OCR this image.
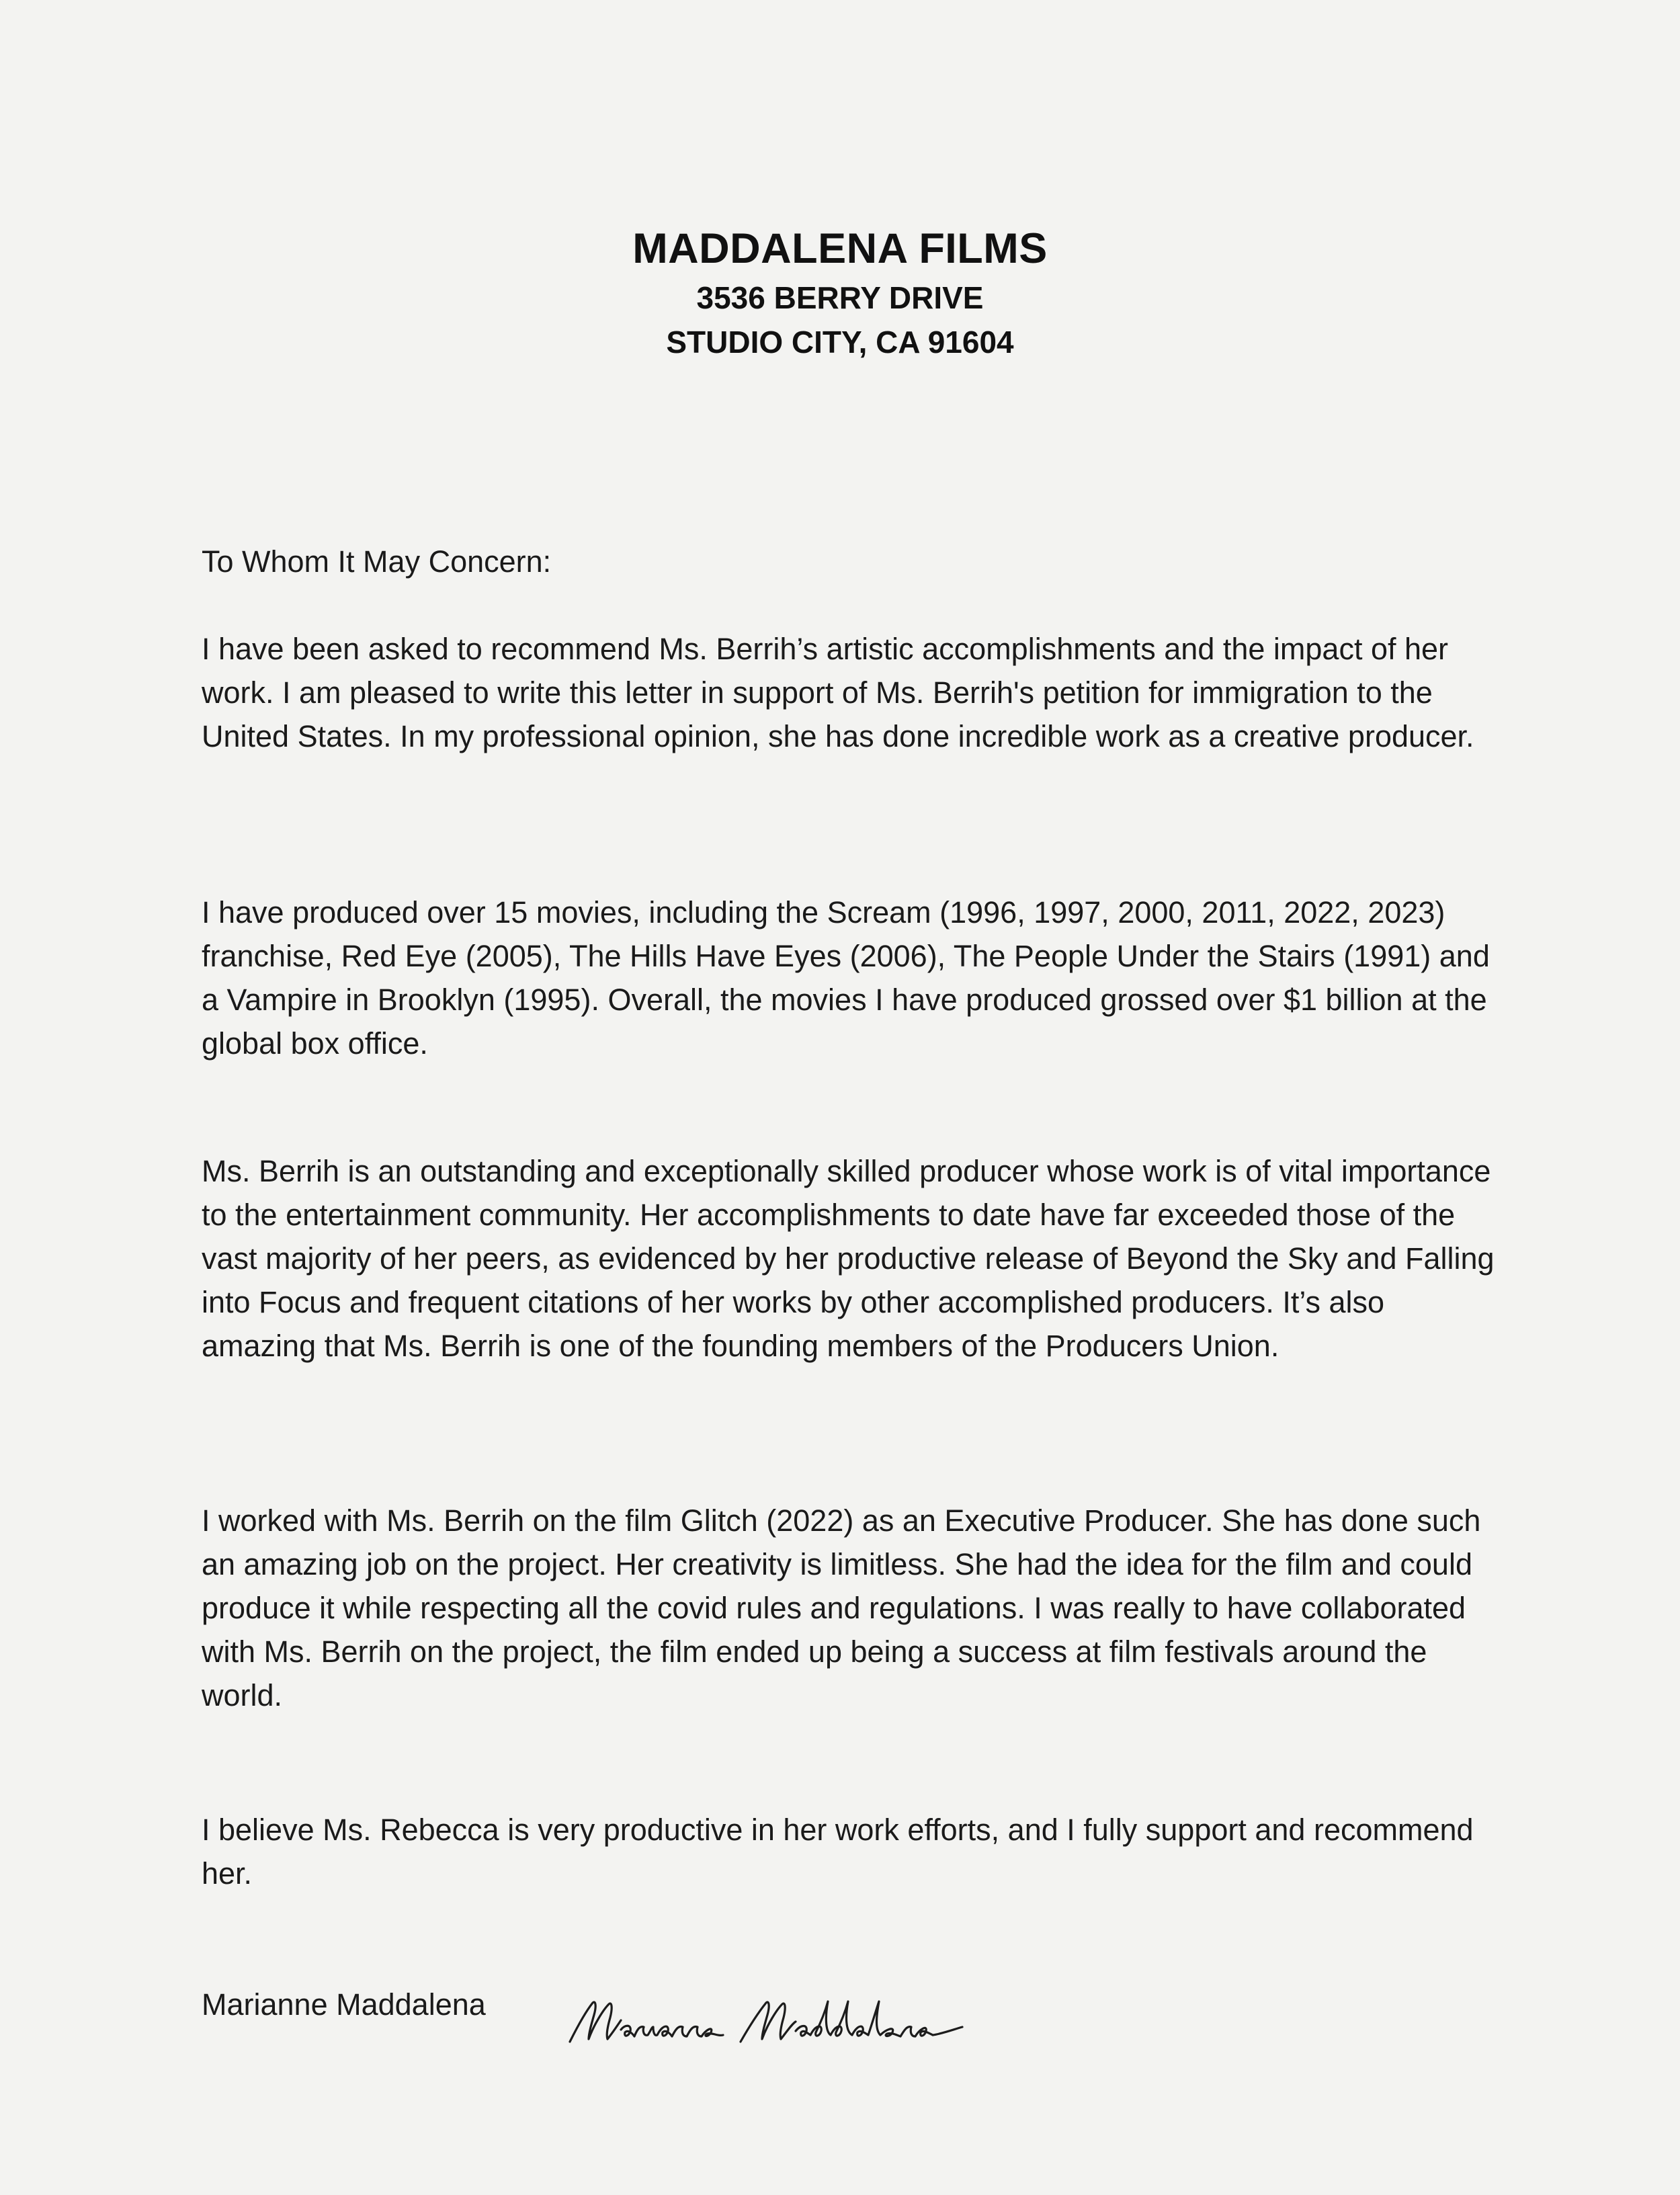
MADDALENA FILMS
3536 BERRY DRIVE
STUDIO CITY, CA 91604

To Whom It May Concern:

I have been asked to recommend Ms. Berrih’s artistic accomplishments and the impact of her work. I am pleased to write this letter in support of Ms. Berrih's petition for immigration to the United States. In my professional opinion, she has done incredible work as a creative producer.

I have produced over 15 movies, including the Scream (1996, 1997, 2000, 2011, 2022, 2023) franchise, Red Eye (2005), The Hills Have Eyes (2006), The People Under the Stairs (1991) and a Vampire in Brooklyn (1995). Overall, the movies I have produced grossed over $1 billion at the global box office.

Ms. Berrih is an outstanding and exceptionally skilled producer whose work is of vital importance to the entertainment community. Her accomplishments to date have far exceeded those of the vast majority of her peers, as evidenced by her productive release of Beyond the Sky and Falling into Focus and frequent citations of her works by other accomplished producers. It’s also amazing that Ms. Berrih is one of the founding members of the Producers Union.

I worked with Ms. Berrih on the film Glitch (2022) as an Executive Producer. She has done such an amazing job on the project. Her creativity is limitless. She had the idea for the film and could produce it while respecting all the covid rules and regulations. I was really to have collaborated with Ms. Berrih on the project, the film ended up being a success at film festivals around the world.

I believe Ms. Rebecca is very productive in her work efforts, and I fully support and recommend her.

Marianne Maddalena
